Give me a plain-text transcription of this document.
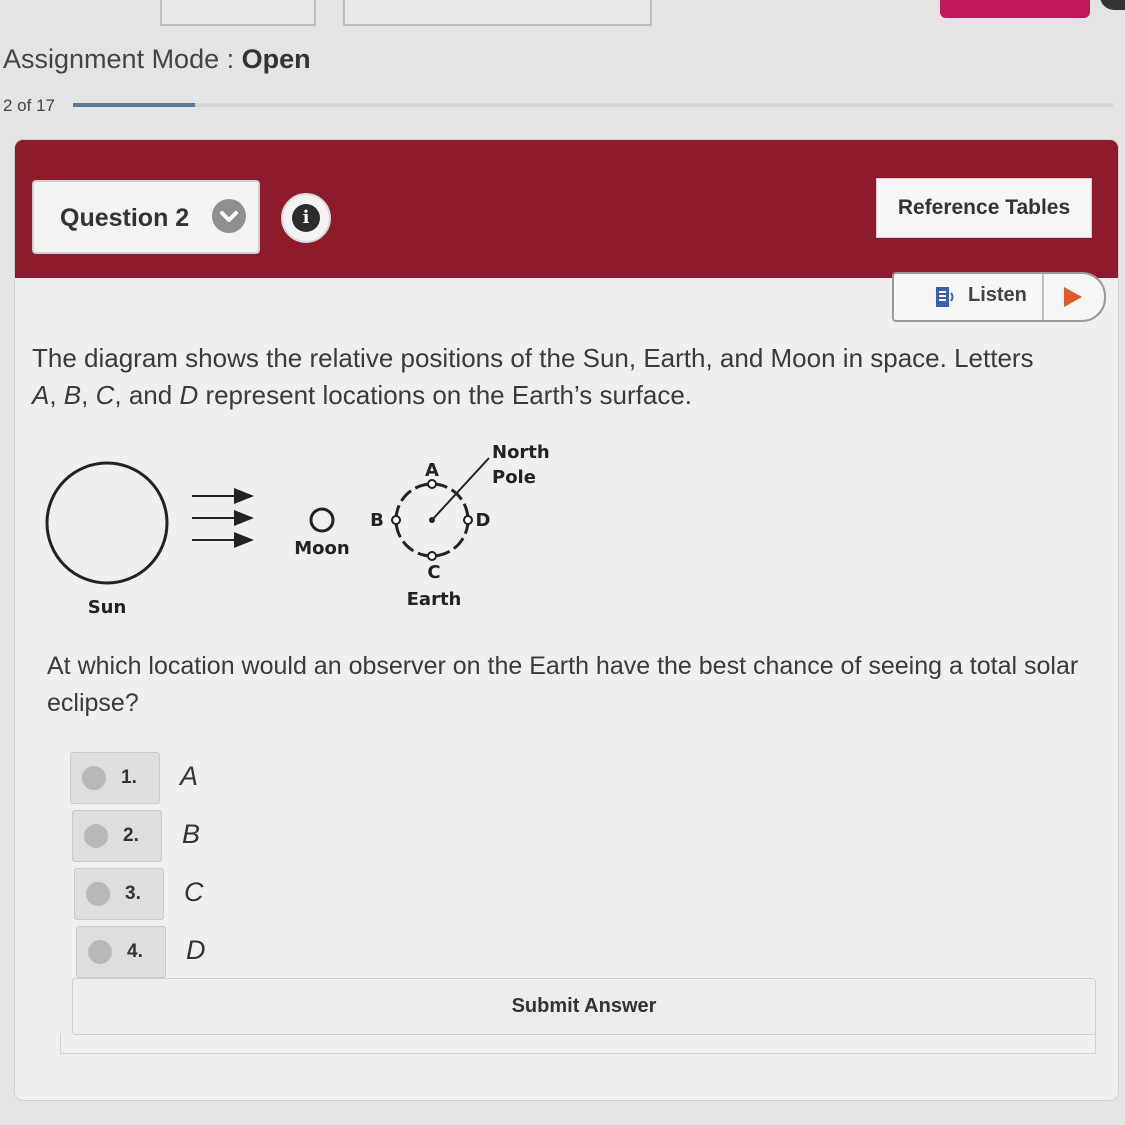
Assignment Mode : Open
2 of 17
Question 2	i	Reference Tables
Listen
The diagram shows the relative positions of the Sun, Earth, and Moon in space. Letters
A, B, C, and D represent locations on the Earth’s surface.
Sun
Moon
Earth
North
Pole
A
B
C
D
At which location would an observer on the Earth have the best chance of seeing a total solar eclipse?
1. A
2. B
3. C
4. D
Submit Answer
